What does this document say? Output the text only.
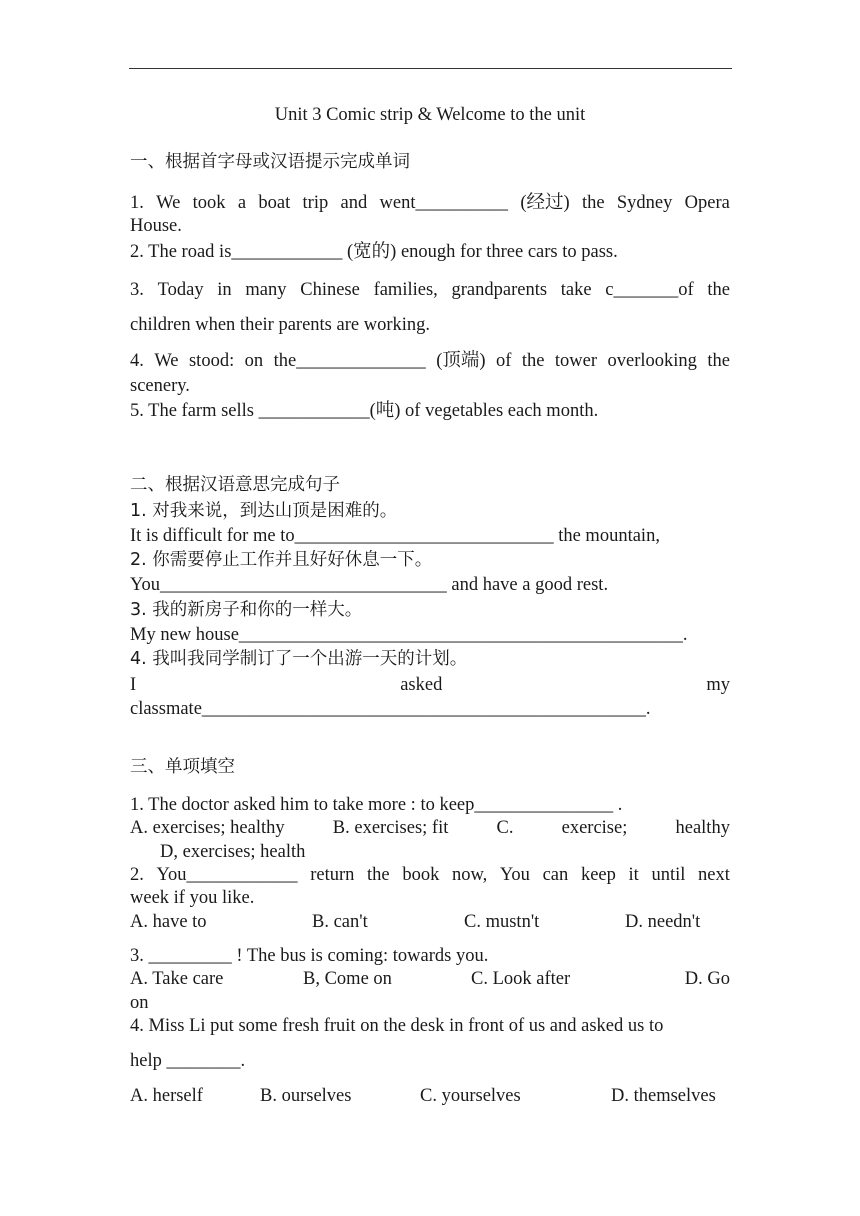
Unit 3 Comic strip & Welcome to the unit

一、根据首字母或汉语提示完成单词

1. We took a boat trip and went__________ (经过) the Sydney Opera

House.

2. The road is____________ (宽的) enough for three cars to pass.

3. Today in many Chinese families, grandparents take c_______of the

children when their parents are working.

4. We stood: on the______________ (顶端) of the tower overlooking the

scenery.

5. The farm sells ____________(吨) of vegetables each month.

二、根据汉语意思完成句子

1. 对我来说，到达山顶是困难的。

It is difficult for me to____________________________ the mountain,

2. 你需要停止工作并且好好休息一下。

You_______________________________ and have a good rest.

3. 我的新房子和你的一样大。

My new house________________________________________________.

4. 我叫我同学制订了一个出游一天的计划。

I	asked	my

classmate________________________________________________.

三、单项填空

1. The doctor asked him to take more : to keep_______________ .

A. exercises; healthy	B. exercises; fit	C.	exercise;	healthy

D, exercises; health

2. You____________ return the book now, You can keep it until next

week if you like.

A. have to	B. can't	C. mustn't	D. needn't

3. _________ ! The bus is coming: towards you.

A. Take care	B, Come on	C. Look after	D. Go

on

4. Miss Li put some fresh fruit on the desk in front of us and asked us to

help ________.

A. herself	B. ourselves	C. yourselves	D. themselves
